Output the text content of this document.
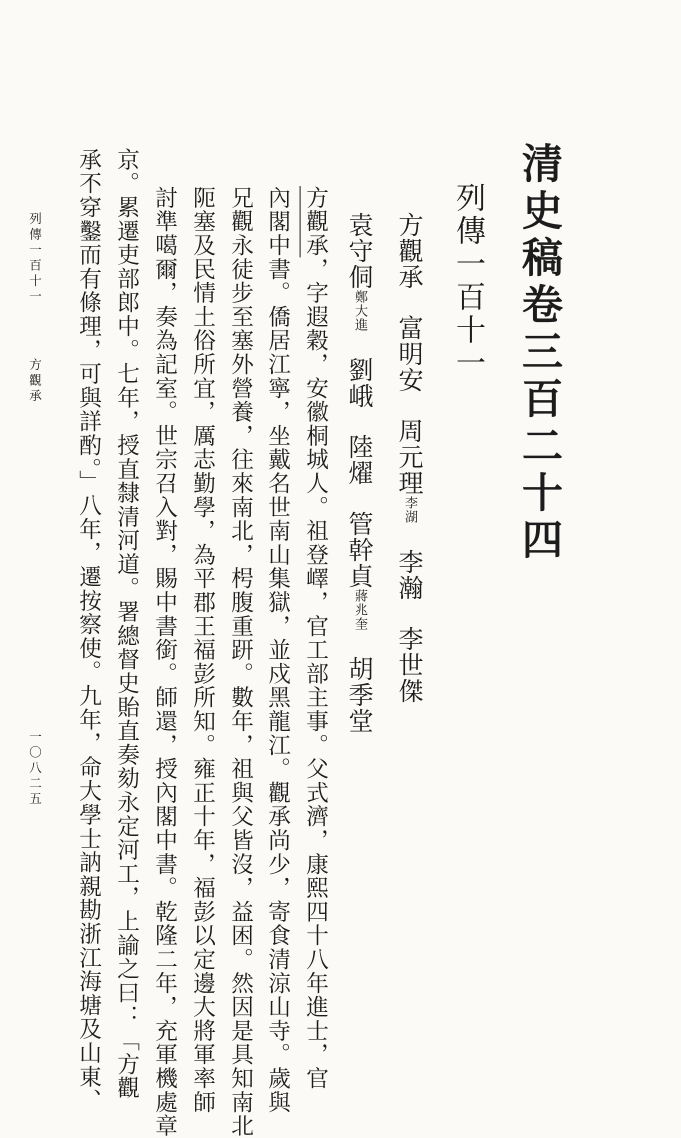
清史稿卷三百二十四
列傳一百十一
方觀承 富明安 周元理李湖 李瀚 李世傑
袁守侗鄭大進 劉峨 陸燿 管幹貞蔣兆奎 胡季堂
方觀承，字遐穀，安徽桐城人。祖登嶧，官工部主事。父式濟，康熙四十八年進士，官
內閣中書。僑居江寧，坐戴名世南山集獄，並戍黑龍江。觀承尚少，寄食清涼山寺。歲與
兄觀永徒步至塞外營養，往來南北，枵腹重趼。數年，祖與父皆沒，益困。然因是具知南北
阨塞及民情土俗所宜，厲志勤學，為平郡王福彭所知。雍正十年，福彭以定邊大將軍率師
討準噶爾，奏為記室。世宗召入對，賜中書銜。師還，授內閣中書。乾隆二年，充軍機處章
京。累遷吏部郎中。七年，授直隸清河道。署總督史貽直奏劾永定河工，上諭之曰：「方觀
承不穿鑿而有條理，可與詳酌。」八年，遷按察使。九年，命大學士訥親勘浙江海塘及山東、
列傳一百十一
方觀承
一〇八二五
